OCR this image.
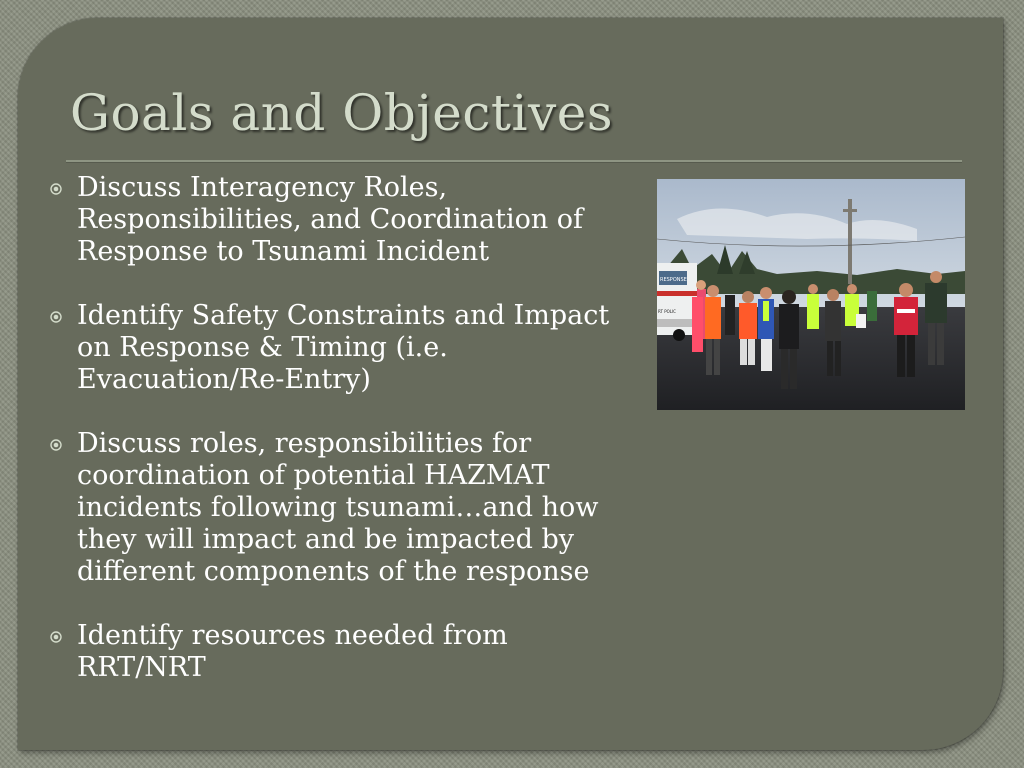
Goals and Objectives
Discuss Interagency Roles, Responsibilities, and Coordination of Response to Tsunami Incident
Identify Safety Constraints and Impact on Response & Timing (i.e. Evacuation/Re-Entry)
Discuss roles, responsibilities for coordination of potential HAZMAT incidents following tsunami…and how they will impact and be impacted by different components of the response
Identify resources needed from RRT/NRT
RESPONSE
RT POLIC
